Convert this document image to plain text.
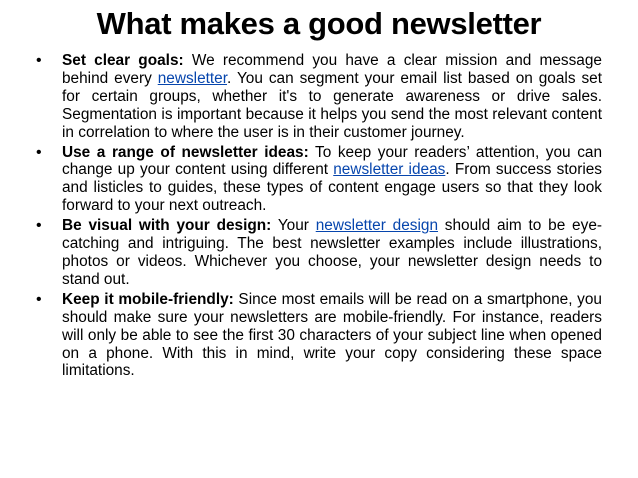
What makes a good newsletter
• Set clear goals: We recommend you have a clear mission and message behind every newsletter. You can segment your email list based on goals set for certain groups, whether it's to generate awareness or drive sales. Segmentation is important because it helps you send the most relevant content in correlation to where the user is in their customer journey.
• Use a range of newsletter ideas: To keep your readers’ attention, you can change up your content using different newsletter ideas. From success stories and listicles to guides, these types of content engage users so that they look forward to your next outreach.
• Be visual with your design: Your newsletter design should aim to be eye-catching and intriguing. The best newsletter examples include illustrations, photos or videos. Whichever you choose, your newsletter design needs to stand out.
• Keep it mobile-friendly: Since most emails will be read on a smartphone, you should make sure your newsletters are mobile-friendly. For instance, readers will only be able to see the first 30 characters of your subject line when opened on a phone. With this in mind, write your copy considering these space limitations.
